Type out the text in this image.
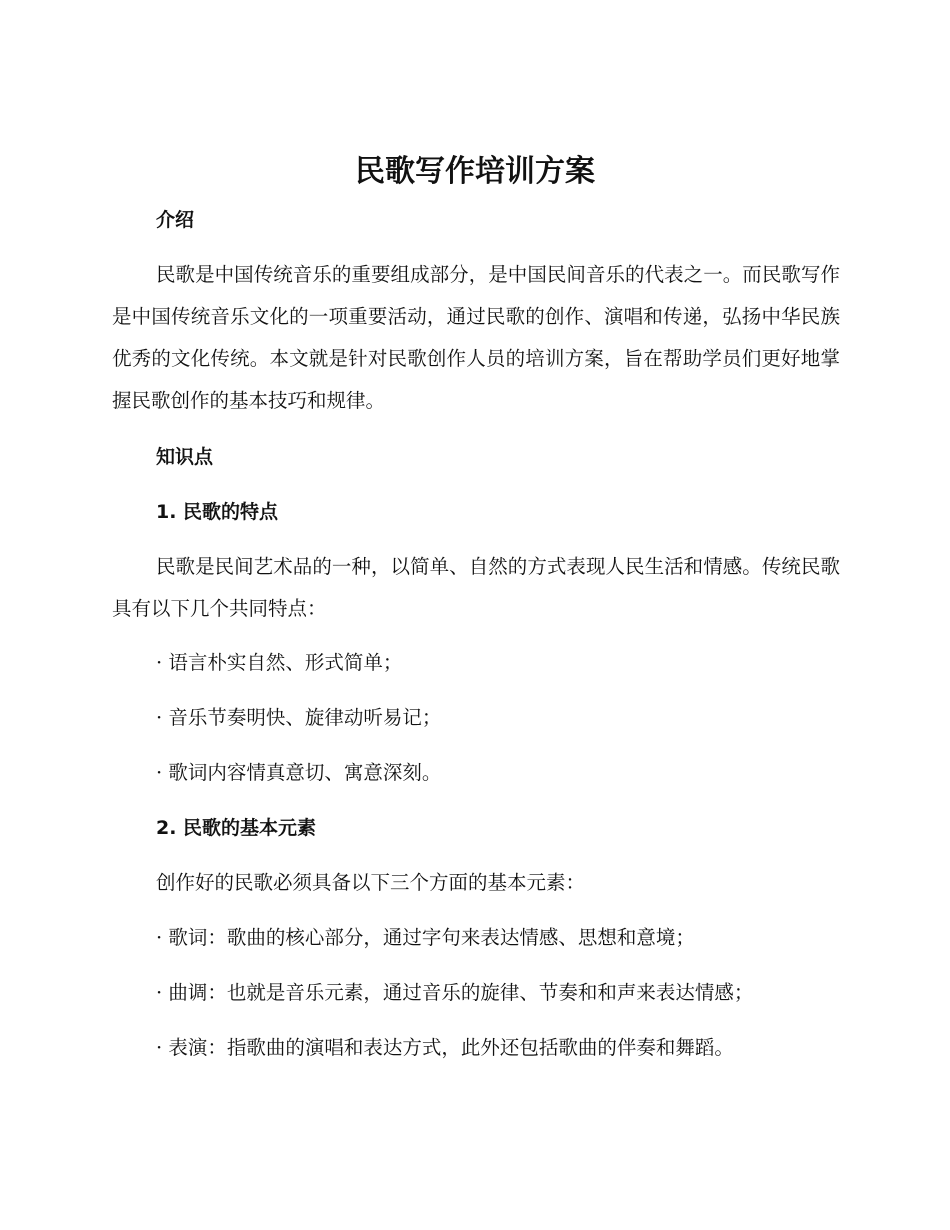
民歌写作培训方案
介绍

民歌是中国传统音乐的重要组成部分，是中国民间音乐的代表之一。而民歌写作是中国传统音乐文化的一项重要活动，通过民歌的创作、演唱和传递，弘扬中华民族优秀的文化传统。本文就是针对民歌创作人员的培训方案，旨在帮助学员们更好地掌握民歌创作的基本技巧和规律。

知识点
1. 民歌的特点

民歌是民间艺术品的一种，以简单、自然的方式表现人民生活和情感。传统民歌具有以下几个共同特点：

· 语言朴实自然、形式简单；

· 音乐节奏明快、旋律动听易记；

· 歌词内容情真意切、寓意深刻。

2. 民歌的基本元素

创作好的民歌必须具备以下三个方面的基本元素：

· 歌词：歌曲的核心部分，通过字句来表达情感、思想和意境；

· 曲调：也就是音乐元素，通过音乐的旋律、节奏和和声来表达情感；

· 表演：指歌曲的演唱和表达方式，此外还包括歌曲的伴奏和舞蹈。
